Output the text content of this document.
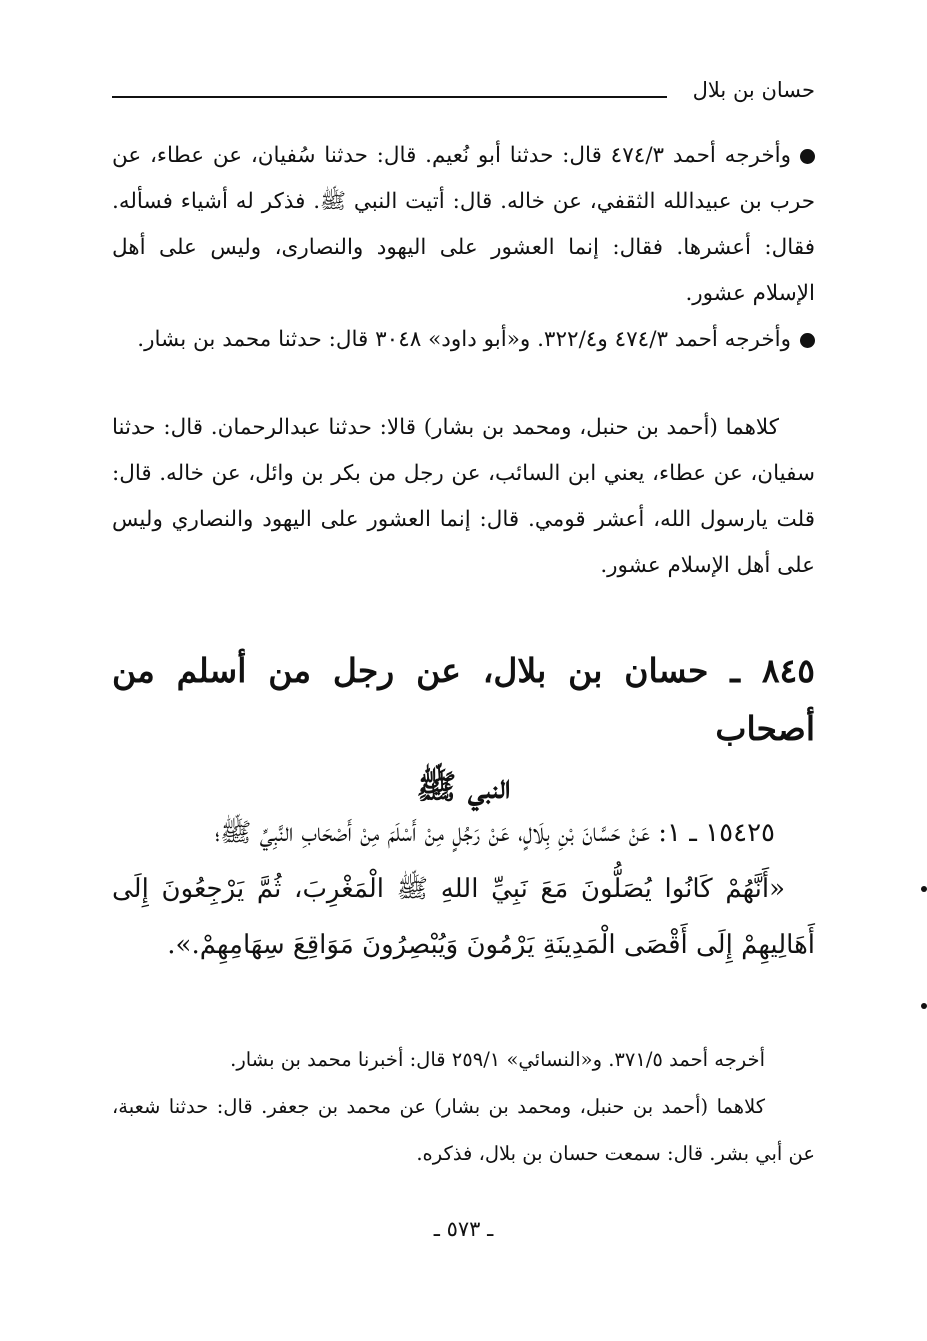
حسان بن بلال

وأخرجه أحمد ٤٧٤/٣ قال: حدثنا أبو نُعيم. قال: حدثنا سُفيان، عن عطاء، عن حرب بن عبيدالله الثقفي، عن خاله. قال: أتيت النبي ﷺ. فذكر له أشياء فسأله. فقال: أعشرها. فقال: إنما العشور على اليهود والنصارى، وليس على أهل الإسلام عشور.

وأخرجه أحمد ٤٧٤/٣ و٣٢٢/٤. و«أبو داود» ٣٠٤٨ قال: حدثنا محمد بن بشار.

كلاهما (أحمد بن حنبل، ومحمد بن بشار) قالا: حدثنا عبدالرحمان. قال: حدثنا سفيان، عن عطاء، يعني ابن السائب، عن رجل من بكر بن وائل، عن خاله. قال: قلت يارسول الله، أعشر قومي. قال: إنما العشور على اليهود والنصاري وليس على أهل الإسلام عشور.

٨٤٥ ـ حسان بن بلال، عن رجل من أسلم من أصحاب
النبي ﷺ

١٥٤٢٥ ـ ١: عَنْ حَسَّانَ بْنِ بِلَالٍ، عَنْ رَجُلٍ مِنْ أَسْلَمَ مِنْ أَصْحَابِ النَّبِيِّ ﷺ؛

«أَنَّهُمْ كَانُوا يُصَلُّونَ مَعَ نَبِيِّ اللهِ ﷺ الْمَغْرِبَ، ثُمَّ يَرْجِعُونَ إِلَى أَهَالِيهِمْ إِلَى أَقْصَى الْمَدِينَةِ يَرْمُونَ وَيُبْصِرُونَ مَوَاقِعَ سِهَامِهِمْ.».

أخرجه أحمد ٣٧١/٥. و«النسائي» ٢٥٩/١ قال: أخبرنا محمد بن بشار.

كلاهما (أحمد بن حنبل، ومحمد بن بشار) عن محمد بن جعفر. قال: حدثنا شعبة، عن أبي بشر. قال: سمعت حسان بن بلال، فذكره.

ـ ٥٧٣ ـ
